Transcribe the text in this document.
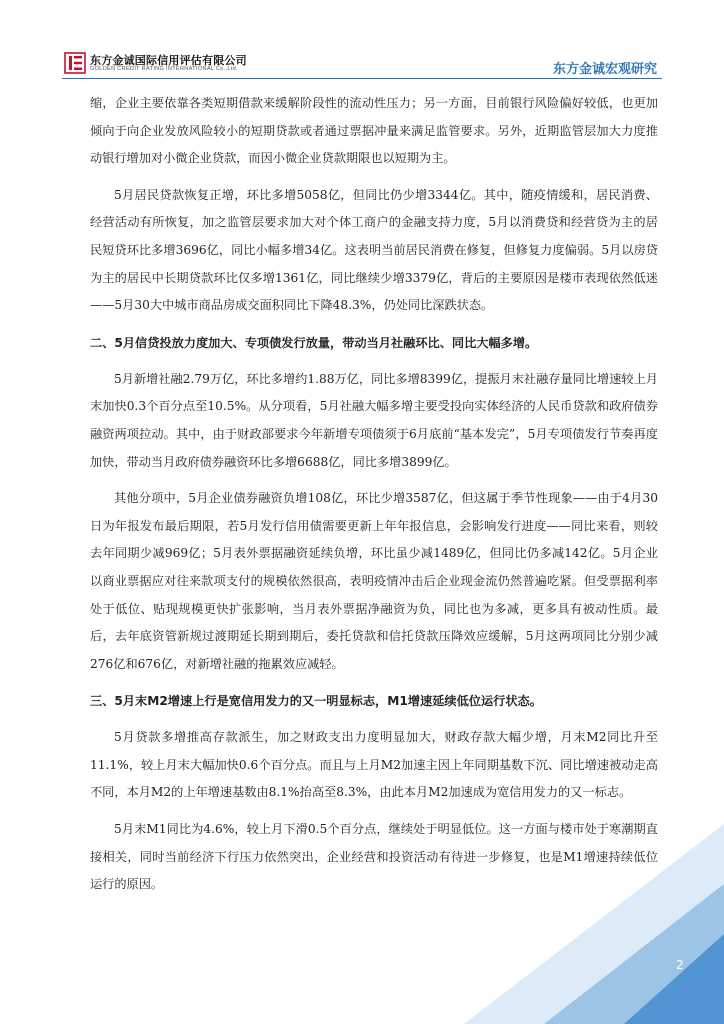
东方金诚国际信用评估有限公司
GOLDEN CREDIT RATING INTERNATIONAL Co.,Ltd.	东方金诚宏观研究

缩，企业主要依靠各类短期借款来缓解阶段性的流动性压力；另一方面，目前银行风险偏好较低，也更加倾向于向企业发放风险较小的短期贷款或者通过票据冲量来满足监管要求。另外，近期监管层加大力度推动银行增加对小微企业贷款，而因小微企业贷款期限也以短期为主。

5月居民贷款恢复正增，环比多增5058亿，但同比仍少增3344亿。其中，随疫情缓和，居民消费、经营活动有所恢复，加之监管层要求加大对个体工商户的金融支持力度，5月以消费贷和经营贷为主的居民短贷环比多增3696亿，同比小幅多增34亿。这表明当前居民消费在修复，但修复力度偏弱。5月以房贷为主的居民中长期贷款环比仅多增1361亿，同比继续少增3379亿，背后的主要原因是楼市表现依然低迷——5月30大中城市商品房成交面积同比下降48.3%，仍处同比深跌状态。

二、5月信贷投放力度加大、专项债发行放量，带动当月社融环比、同比大幅多增。

5月新增社融2.79万亿，环比多增约1.88万亿，同比多增8399亿，提振月末社融存量同比增速较上月末加快0.3个百分点至10.5%。从分项看，5月社融大幅多增主要受投向实体经济的人民币贷款和政府债券融资两项拉动。其中，由于财政部要求今年新增专项债须于6月底前“基本发完”，5月专项债发行节奏再度加快，带动当月政府债券融资环比多增6688亿，同比多增3899亿。

其他分项中，5月企业债券融资负增108亿，环比少增3587亿，但这属于季节性现象——由于4月30日为年报发布最后期限，若5月发行信用债需要更新上年年报信息，会影响发行进度——同比来看，则较去年同期少减969亿；5月表外票据融资延续负增，环比虽少减1489亿，但同比仍多减142亿。5月企业以商业票据应对往来款项支付的规模依然很高，表明疫情冲击后企业现金流仍然普遍吃紧。但受票据利率处于低位、贴现规模更快扩张影响，当月表外票据净融资为负，同比也为多减，更多具有被动性质。最后，去年底资管新规过渡期延长期到期后，委托贷款和信托贷款压降效应缓解，5月这两项同比分别少减276亿和676亿，对新增社融的拖累效应减轻。

三、5月末M2增速上行是宽信用发力的又一明显标志，M1增速延续低位运行状态。

5月贷款多增推高存款派生，加之财政支出力度明显加大，财政存款大幅少增，月末M2同比升至11.1%，较上月末大幅加快0.6个百分点。而且与上月M2加速主因上年同期基数下沉、同比增速被动走高不同，本月M2的上年增速基数由8.1%抬高至8.3%，由此本月M2加速成为宽信用发力的又一标志。

5月末M1同比为4.6%，较上月下滑0.5个百分点，继续处于明显低位。这一方面与楼市处于寒潮期直接相关，同时当前经济下行压力依然突出，企业经营和投资活动有待进一步修复，也是M1增速持续低位运行的原因。

2
